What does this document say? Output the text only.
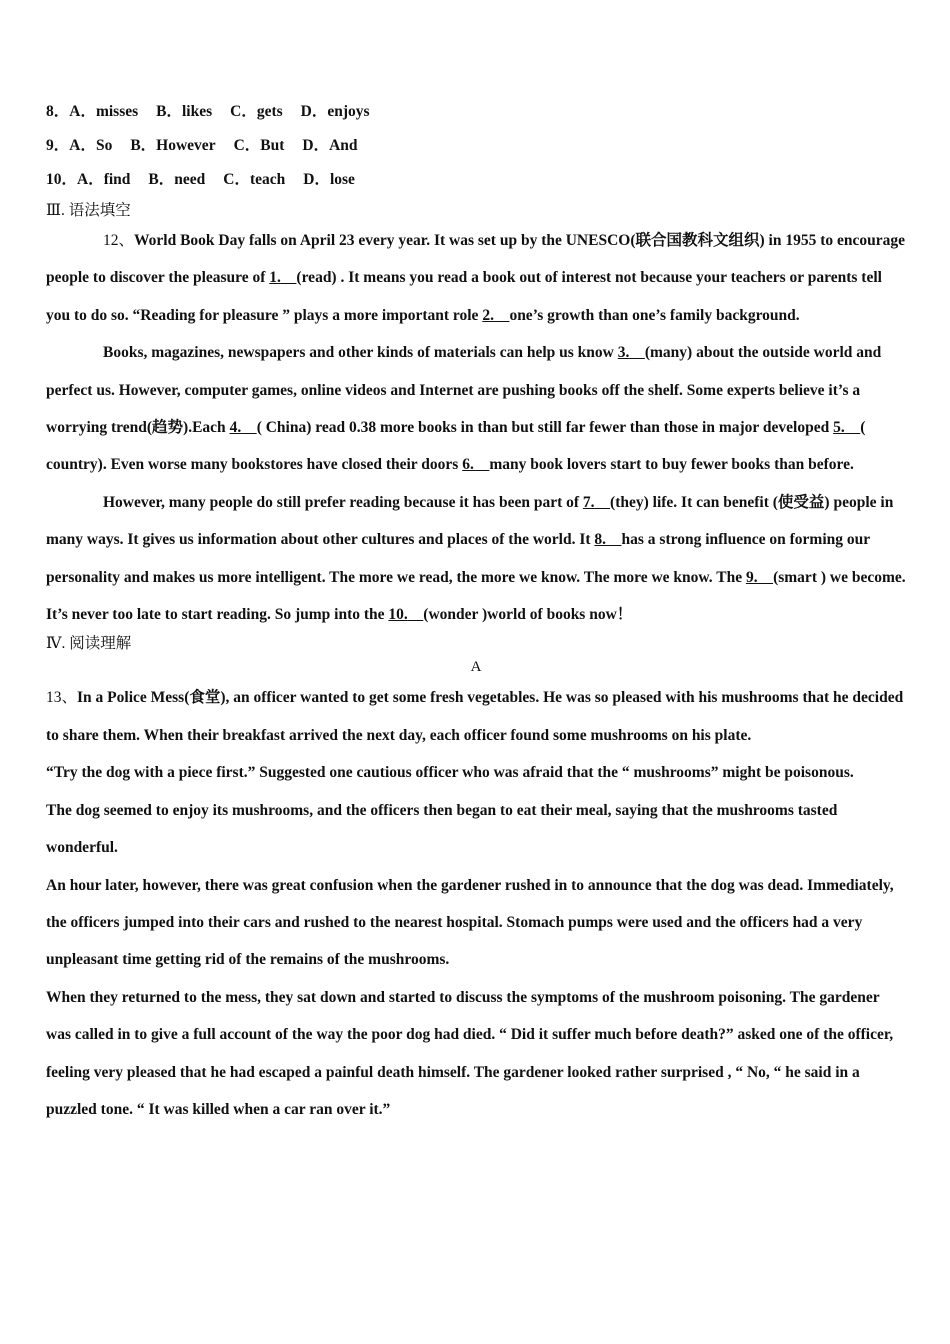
8．A．misses B．likes C．gets D．enjoys
9．A．So B．However C．But D．And
10．A．find B．need C．teach D．lose
Ⅲ. 语法填空

12、World Book Day falls on April 23 every year. It was set up by the UNESCO(联合国教科文组织) in 1955 to encourage people to discover the pleasure of 1.  (read) . It means you read a book out of interest not because your teachers or parents tell you to do so. “Reading for pleasure ” plays a more important role 2.  one’s growth than one’s family background.

Books, magazines, newspapers and other kinds of materials can help us know 3.  (many) about the outside world and perfect us. However, computer games, online videos and Internet are pushing books off the shelf. Some experts believe it’s a worrying trend(趋势).Each 4.  ( China) read 0.38 more books in than but still far fewer than those in major developed 5.  ( country). Even worse many bookstores have closed their doors 6.  many book lovers start to buy fewer books than before.

However, many people do still prefer reading because it has been part of 7.  (they) life. It can benefit (使受益) people in many ways. It gives us information about other cultures and places of the world. It 8.  has a strong influence on forming our personality and makes us more intelligent. The more we read, the more we know. The more we know. The 9.  (smart ) we become. It’s never too late to start reading. So jump into the 10.  (wonder )world of books now！

Ⅳ. 阅读理解
A

13、In a Police Mess(食堂), an officer wanted to get some fresh vegetables. He was so pleased with his mushrooms that he decided to share them. When their breakfast arrived the next day, each officer found some mushrooms on his plate.

“Try the dog with a piece first.” Suggested one cautious officer who was afraid that the “ mushrooms” might be poisonous.

The dog seemed to enjoy its mushrooms, and the officers then began to eat their meal, saying that the mushrooms tasted wonderful.

An hour later, however, there was great confusion when the gardener rushed in to announce that the dog was dead. Immediately, the officers jumped into their cars and rushed to the nearest hospital. Stomach pumps were used and the officers had a very unpleasant time getting rid of the remains of the mushrooms.

When they returned to the mess, they sat down and started to discuss the symptoms of the mushroom poisoning. The gardener was called in to give a full account of the way the poor dog had died. “ Did it suffer much before death?” asked one of the officer, feeling very pleased that he had escaped a painful death himself. The gardener looked rather surprised , “ No, “ he said in a puzzled tone. “ It was killed when a car ran over it.”
